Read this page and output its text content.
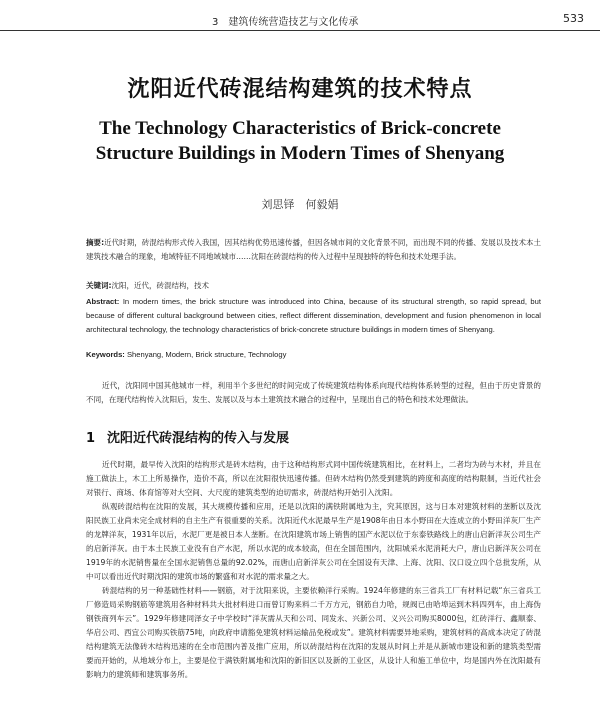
3　建筑传统营造技艺与文化传承	533
沈阳近代砖混结构建筑的技术特点
The Technology Characteristics of Brick-concrete Structure Buildings in Modern Times of Shenyang
刘思铎　何毅娟
摘要:近代时期，砖混结构形式传入我国，因其结构优势迅速传播，但因各城市间的文化背景不同，而出现不同的传播、发展以及技术本土建筑技术融合的现象，地域特征不同地域城市……沈阳在砖混结构的传入过程中呈现独特的特色和技术处理手法。
关键词:沈阳，近代，砖混结构，技术
Abstract: In modern times, the brick structure was introduced into China, because of its structural strength, so rapid spread, but because of different cultural background between cities, reflect different dissemination, development and fusion phenomenon in local architectural technology, the technology characteristics of brick-concrete structure buildings in modern times of Shenyang.
Keywords: Shenyang, Modern, Brick structure, Technology
近代，沈阳同中国其他城市一样，利用半个多世纪的时间完成了传统建筑结构体系向现代结构体系转型的过程，但由于历史背景的不同，在现代结构传入沈阳后，发生、发展以及与本土建筑技术融合的过程中，呈现出自己的特色和技术处理做法。
1 沈阳近代砖混结构的传入与发展

近代时期，最早传入沈阳的结构形式是砖木结构，由于这种结构形式同中国传统建筑相比，在材料上，二者均为砖与木材，并且在施工做法上，木工上所易操作，造价不高，所以在沈阳很快迅速传播。但砖木结构仍然受到建筑的跨度和高度的结构限制，当近代社会对银行、商场、体育馆等对大空间、大尺度的建筑类型的迫切需求，砖混结构开始引入沈阳。

纵观砖混结构在沈阳的发展，其大规模传播和应用，还是以沈阳的满铁附属地为主，究其原因，这与日本对建筑材料的垄断以及沈阳民族工业尚未完全成材料的自主生产有很重要的关系。沈阳近代水泥最早生产是1908年由日本小野田在大连成立的小野田洋灰厂生产的龙牌洋灰，1931年以后，水泥厂更是被日本人垄断。在沈阳建筑市场上销售的国产水泥以位于东泰铁路线上的唐山启新洋灰公司生产的启新洋灰。由于本土民族工业没有自产水泥，所以水泥的成本较高，但在全国范围内，沈阳城采水泥消耗大户，唐山启新洋灰公司在1919年的水泥销售量在全国水泥销售总量的92.02%，而唐山启新洋灰公司在全国设有天津、上海、沈阳、汉口设立四个总批发所，从中可以看出近代时期沈阳的建筑市场的繁盛和对水泥的需求量之大。

砖混结构的另一种基础性材料——钢筋，对于沈阳来说，主要依赖洋行采购。1924年修建的东三省兵工厂有材料记载“东三省兵工厂修造局采购钢筋等建筑用各种材料共大批材料进口而曾订购来料二千万方元，钢筋自力哈，规阀已由哈埠运到木料四列车，由上海伪钢铁商列车云”。1929年修建同泽女子中学校时“洋灰需从天和公司、同发永、兴新公司、义兴公司购买8000包，红砖洋行、鑫顺泰、华启公司、西宜公司购买铁筋75吨，向政府申请豁免建筑材料运输品免税或发”。建筑材料需要异地采购，建筑材料的高成本决定了砖混结构建筑无法像砖木结构迅速的在全市范围内普及推广应用，所以砖混结构在沈阳的发展从时间上并是从新城市建设和新的建筑类型需要而开始的，从地域分布上，主要是位于满铁附属地和沈阳的新旧区以及新的工业区，从设计人和施工单位中，均是国内外在沈阳最有影响力的建筑师和建筑事务所。
